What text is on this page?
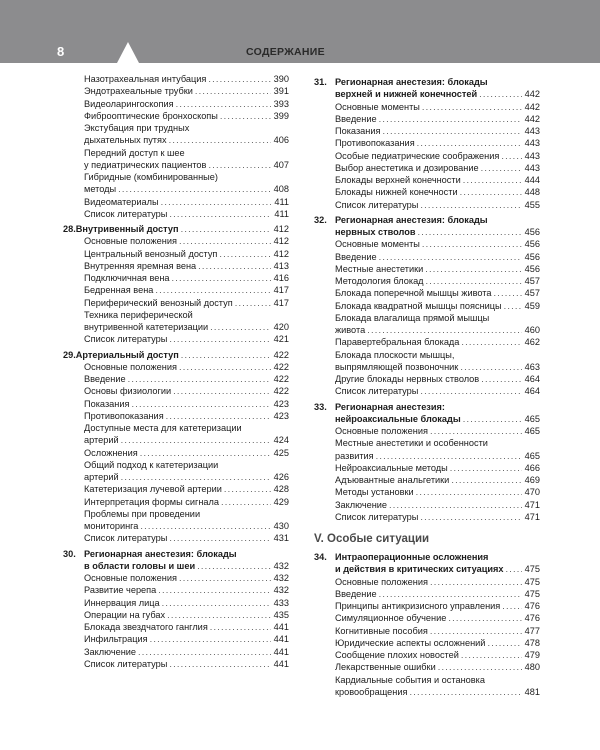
8	СОДЕРЖАНИЕ
Назотрахеальная интубация .....	390
Эндотрахеальные трубки .....	391
Видеоларингоскопия .....	393
Фиброоптические бронхоскопы .....	399
Экстубация при трудных
дыхательных путях .....	406
Передний доступ к шее
у педиатрических пациентов .....	407
Гибридные (комбинированные)
методы .....	408
Видеоматериалы .....	411
Список литературы .....	411
28. Внутривенный доступ .....	412
Основные положения .....	412
Центральный венозный доступ .....	412
Внутренняя яремная вена .....	413
Подключичная вена .....	416
Бедренная вена .....	417
Периферический венозный доступ .....	417
Техника периферической
внутривенной катетеризации .....	420
Список литературы .....	421
29. Артериальный доступ .....	422
Основные положения .....	422
Введение .....	422
Основы физиологии .....	422
Показания .....	423
Противопоказания .....	423
Доступные места для катетеризации
артерий .....	424
Осложнения .....	425
Общий подход к катетеризации
артерий .....	426
Катетеризация лучевой артерии .....	428
Интерпретация формы сигнала .....	429
Проблемы при проведении
мониторинга .....	430
Список литературы .....	431
30. Регионарная анестезия: блокады
в области головы и шеи .....	432
Основные положения .....	432
Развитие черепа .....	432
Иннервация лица .....	433
Операции на губах .....	435
Блокада звездчатого ганглия .....	441
Инфильтрация .....	441
Заключение .....	441
Список литературы .....	441
31. Регионарная анестезия: блокады
верхней и нижней конечностей .....	442
Основные моменты .....	442
Введение .....	442
Показания .....	443
Противопоказания .....	443
Особые педиатрические соображения .....	443
Выбор анестетика и дозирование .....	443
Блокады верхней конечности .....	444
Блокады нижней конечности .....	448
Список литературы .....	455
32. Регионарная анестезия: блокады
нервных стволов .....	456
Основные моменты .....	456
Введение .....	456
Местные анестетики .....	456
Методология блокад .....	457
Блокада поперечной мышцы живота .....	457
Блокада квадратной мышцы поясницы .....	459
Блокада влагалища прямой мышцы
живота .....	460
Паравертебральная блокада .....	462
Блокада плоскости мышцы,
выпрямляющей позвоночник .....	463
Другие блокады нервных стволов .....	464
Список литературы .....	464
33. Регионарная анестезия:
нейроаксиальные блокады .....	465
Основные положения .....	465
Местные анестетики и особенности
развития .....	465
Нейроаксиальные методы .....	466
Адъювантные анальгетики .....	469
Методы установки .....	470
Заключение .....	471
Список литературы .....	471
V. Особые ситуации
34. Интраоперационные осложнения
и действия в критических ситуациях ..... 475
Основные положения .....	475
Введение .....	475
Принципы антикризисного управления .....	476
Симуляционное обучение .....	476
Когнитивные пособия .....	477
Юридические аспекты осложнений .....	478
Сообщение плохих новостей .....	479
Лекарственные ошибки .....	480
Кардиальные события и остановка
кровообращения .....	481
